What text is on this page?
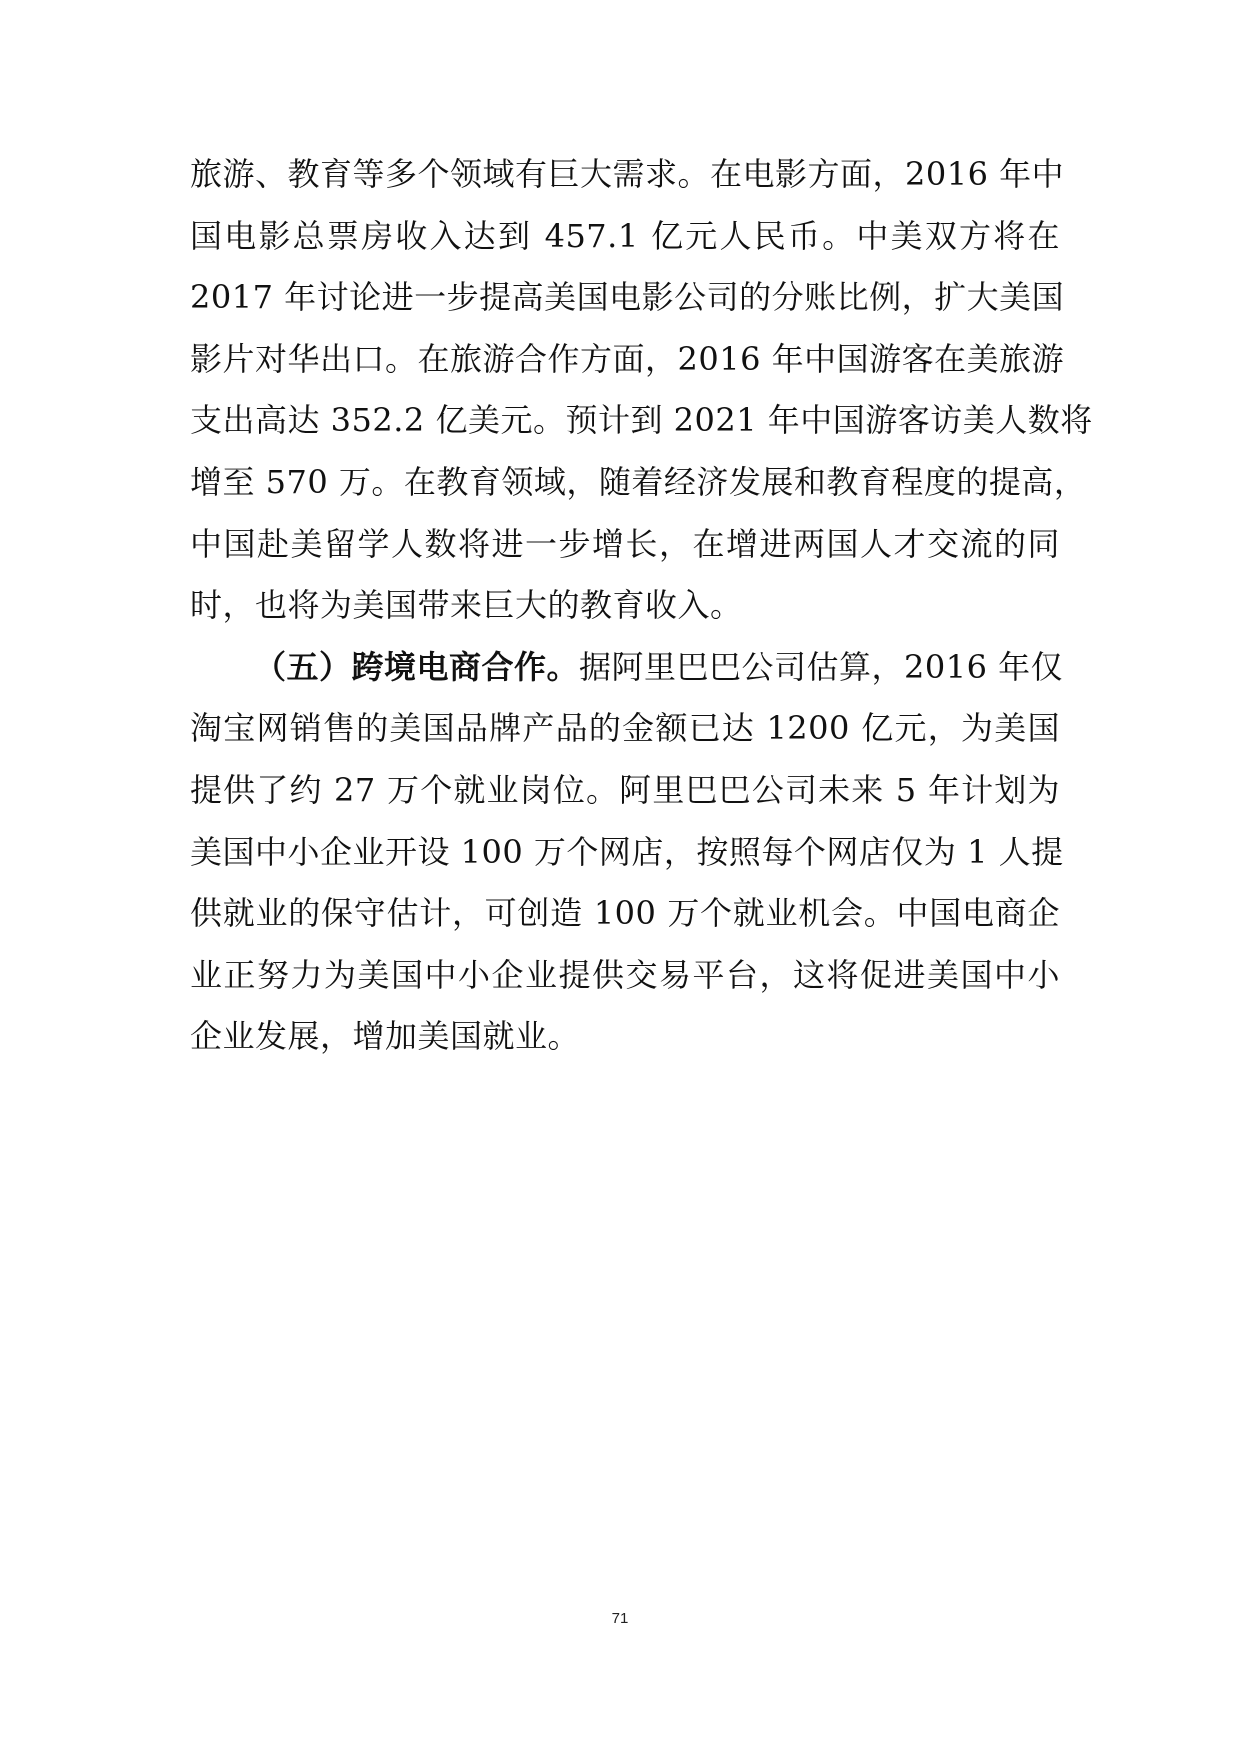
旅游、教育等多个领域有巨大需求。在电影方面，2016 年中
国电影总票房收入达到 457.1 亿元人民币。中美双方将在
2017 年讨论进一步提高美国电影公司的分账比例，扩大美国
影片对华出口。在旅游合作方面，2016 年中国游客在美旅游
支出高达 352.2 亿美元。预计到 2021 年中国游客访美人数将
增至 570 万。在教育领域，随着经济发展和教育程度的提高，
中国赴美留学人数将进一步增长，在增进两国人才交流的同
时，也将为美国带来巨大的教育收入。
（五）跨境电商合作。据阿里巴巴公司估算，2016 年仅
淘宝网销售的美国品牌产品的金额已达 1200 亿元，为美国
提供了约 27 万个就业岗位。阿里巴巴公司未来 5 年计划为
美国中小企业开设 100 万个网店，按照每个网店仅为 1 人提
供就业的保守估计，可创造 100 万个就业机会。中国电商企
业正努力为美国中小企业提供交易平台，这将促进美国中小
企业发展，增加美国就业。
71
